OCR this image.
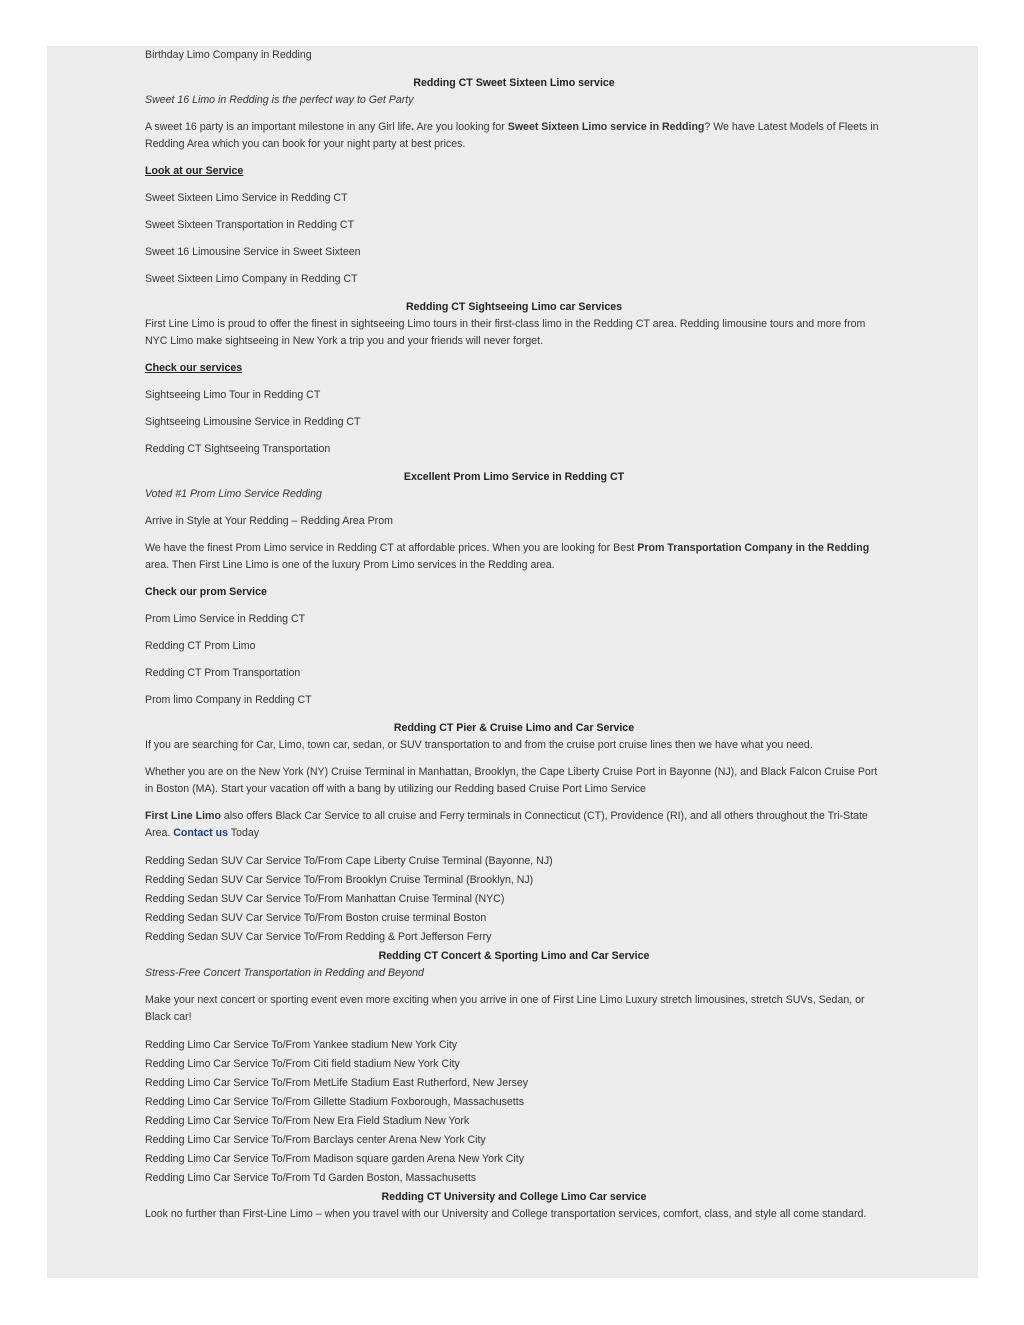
Birthday Limo Company in Redding

Redding CT Sweet Sixteen Limo service

Sweet 16 Limo in Redding is the perfect way to Get Party

A sweet 16 party is an important milestone in any Girl life. Are you looking for Sweet Sixteen Limo service in Redding? We have Latest Models of Fleets in Redding Area which you can book for your night party at best prices.

Look at our Service

Sweet Sixteen Limo Service in Redding CT

Sweet Sixteen Transportation in Redding CT

Sweet 16 Limousine Service in Sweet Sixteen

Sweet Sixteen Limo Company in Redding CT

Redding CT Sightseeing Limo car Services

First Line Limo is proud to offer the finest in sightseeing Limo tours in their first-class limo in the Redding CT area. Redding limousine tours and more from NYC Limo make sightseeing in New York a trip you and your friends will never forget.

Check our services

Sightseeing Limo Tour in Redding CT

Sightseeing Limousine Service in Redding CT

Redding CT Sightseeing Transportation

Excellent Prom Limo Service in Redding CT

Voted #1 Prom Limo Service Redding

Arrive in Style at Your Redding – Redding Area Prom

We have the finest Prom Limo service in Redding CT at affordable prices. When you are looking for Best Prom Transportation Company in the Redding area. Then First Line Limo is one of the luxury Prom Limo services in the Redding area.

Check our prom Service

Prom Limo Service in Redding CT

Redding CT Prom Limo

Redding CT Prom Transportation

Prom limo Company in Redding CT

Redding CT Pier & Cruise Limo and Car Service

If you are searching for Car, Limo, town car, sedan, or SUV transportation to and from the cruise port cruise lines then we have what you need.

Whether you are on the New York (NY) Cruise Terminal in Manhattan, Brooklyn, the Cape Liberty Cruise Port in Bayonne (NJ), and Black Falcon Cruise Port in Boston (MA). Start your vacation off with a bang by utilizing our Redding based Cruise Port Limo Service

First Line Limo also offers Black Car Service to all cruise and Ferry terminals in Connecticut (CT), Providence (RI), and all others throughout the Tri-State Area. Contact us Today

Redding Sedan SUV Car Service To/From Cape Liberty Cruise Terminal (Bayonne, NJ)

Redding Sedan SUV Car Service To/From Brooklyn Cruise Terminal (Brooklyn, NJ)

Redding Sedan SUV Car Service To/From Manhattan Cruise Terminal (NYC)

Redding Sedan SUV Car Service To/From Boston cruise terminal Boston

Redding Sedan SUV Car Service To/From Redding & Port Jefferson Ferry

Redding CT Concert & Sporting Limo and Car Service

Stress-Free Concert Transportation in Redding and Beyond

Make your next concert or sporting event even more exciting when you arrive in one of First Line Limo Luxury stretch limousines, stretch SUVs, Sedan, or Black car!

Redding Limo Car Service To/From Yankee stadium New York City

Redding Limo Car Service To/From Citi field stadium New York City

Redding Limo Car Service To/From MetLife Stadium East Rutherford, New Jersey

Redding Limo Car Service To/From Gillette Stadium Foxborough, Massachusetts

Redding Limo Car Service To/From New Era Field Stadium New York

Redding Limo Car Service To/From Barclays center Arena New York City

Redding Limo Car Service To/From Madison square garden Arena New York City

Redding Limo Car Service To/From Td Garden Boston, Massachusetts

Redding CT University and College Limo Car service

Look no further than First-Line Limo – when you travel with our University and College transportation services, comfort, class, and style all come standard.
